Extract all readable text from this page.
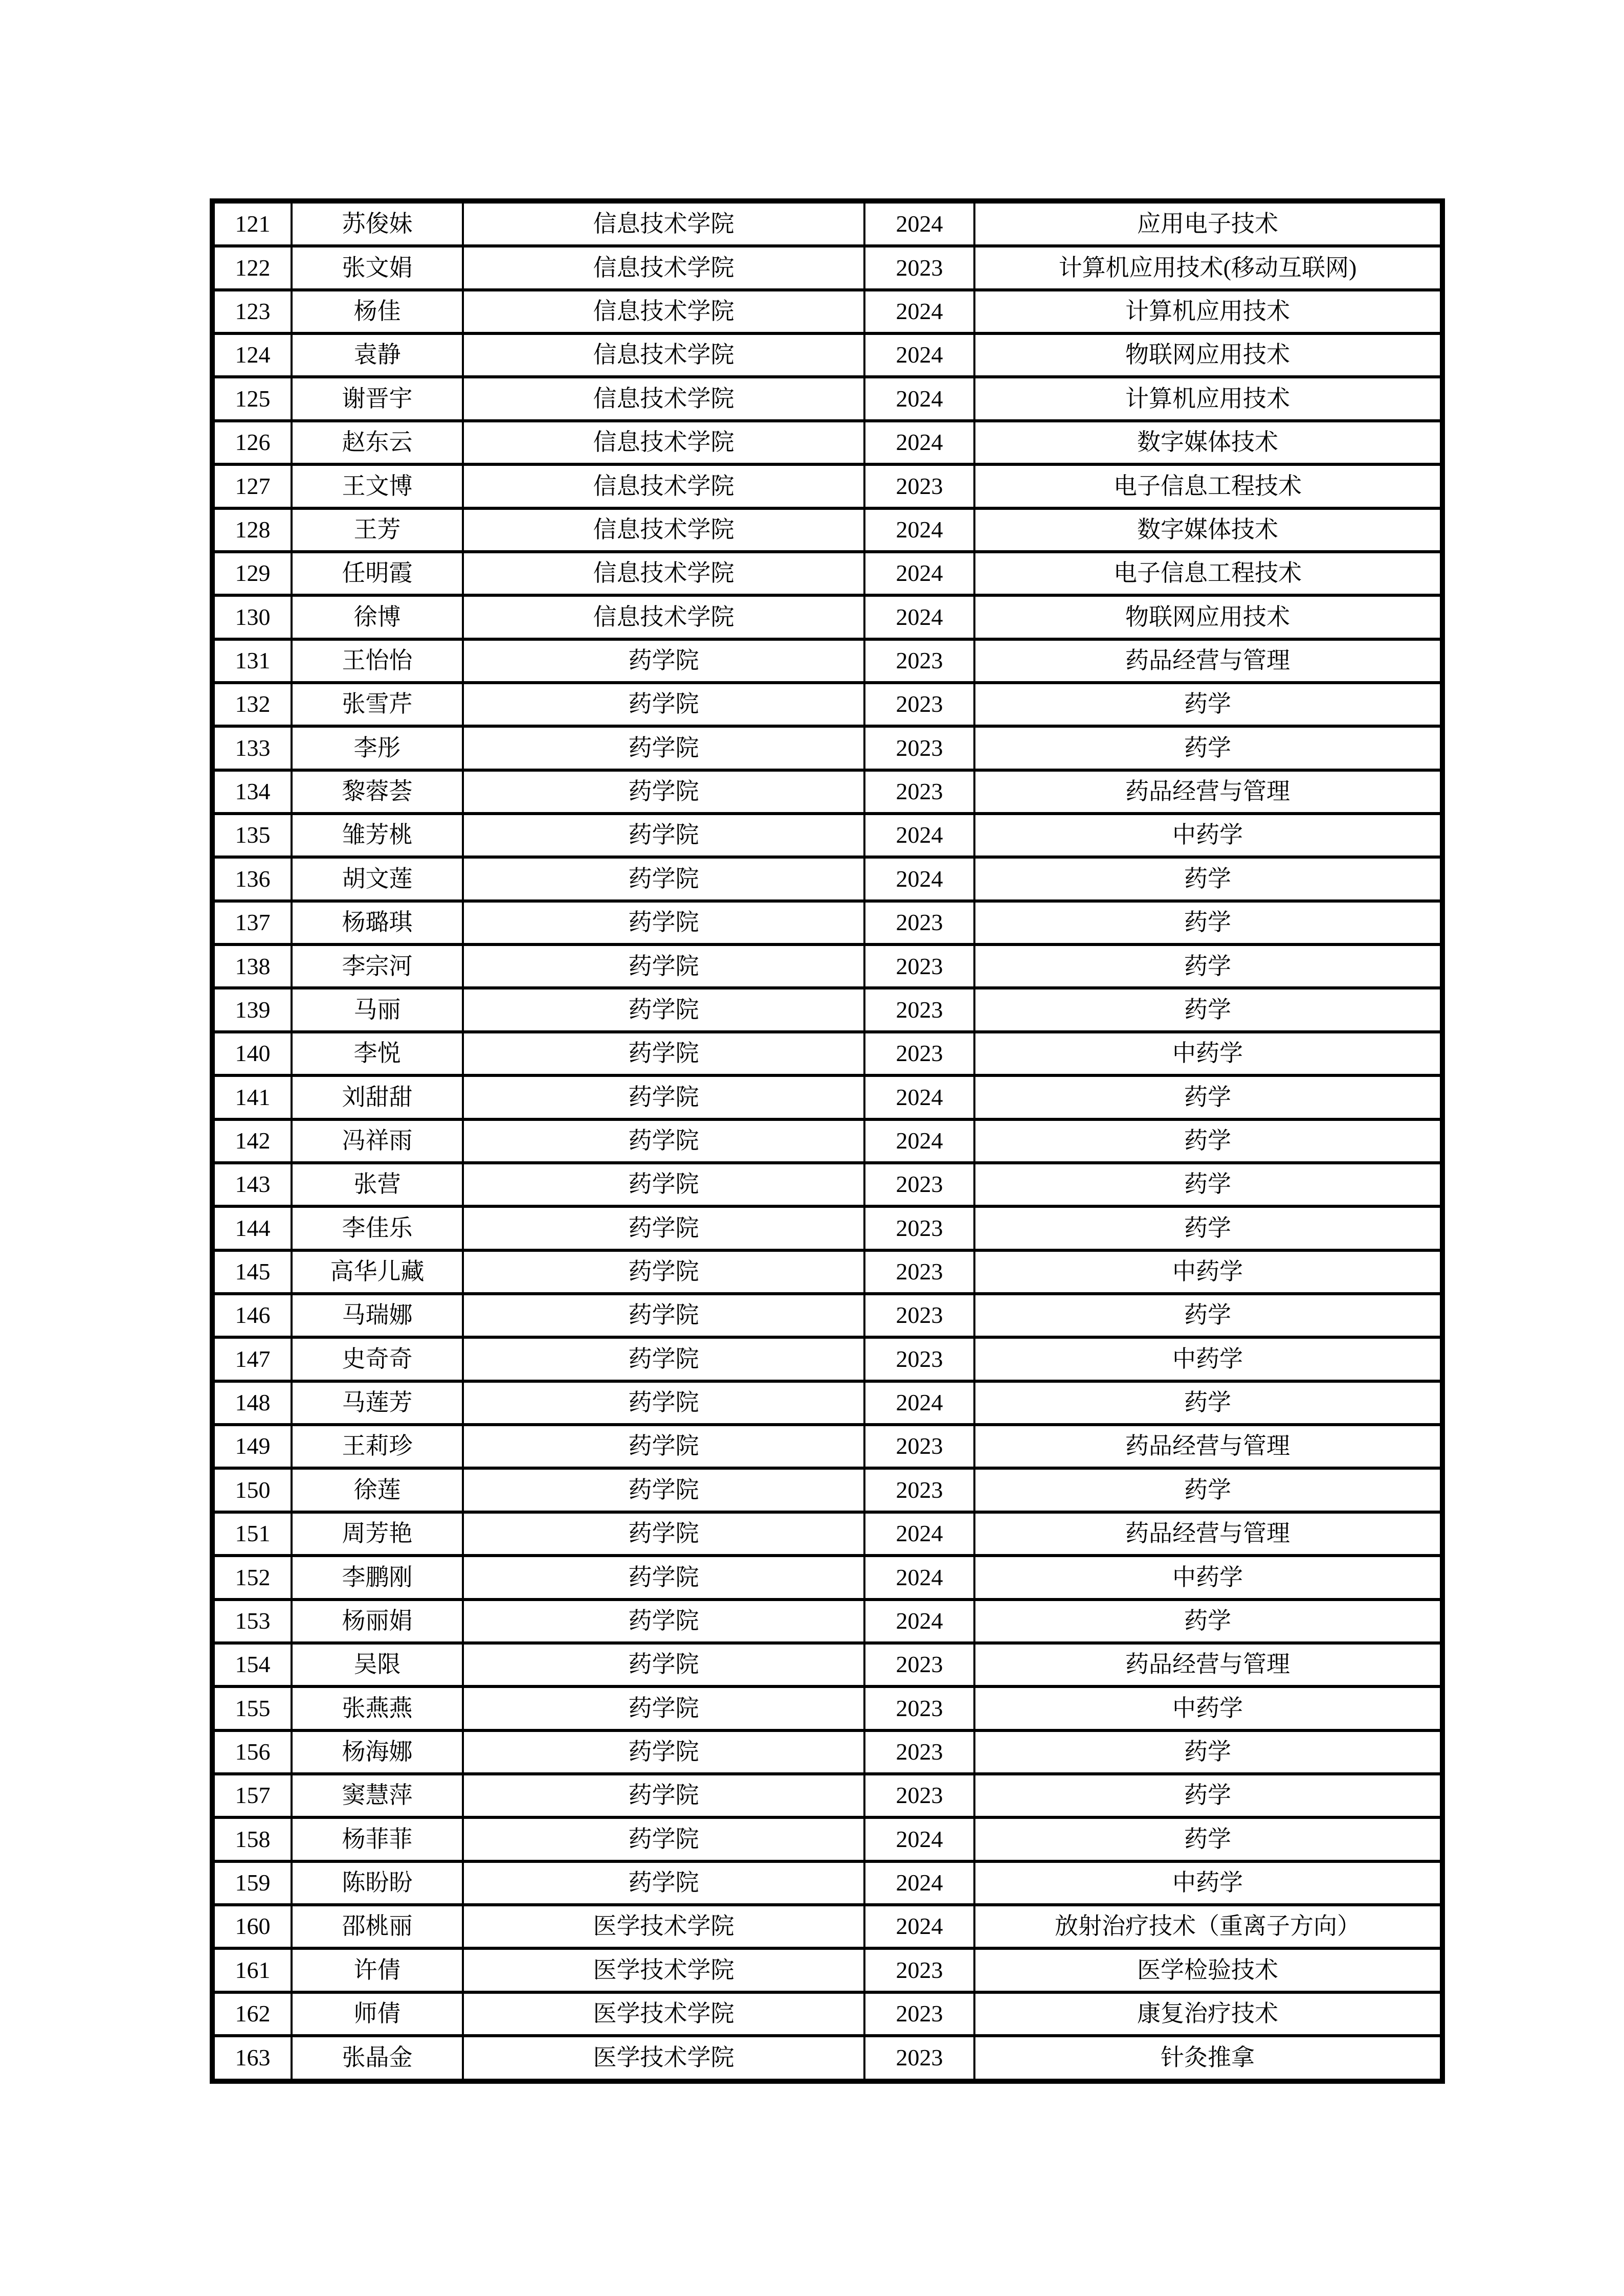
121	苏俊妹	信息技术学院	2024	应用电子技术
122	张文娟	信息技术学院	2023	计算机应用技术(移动互联网)
123	杨佳	信息技术学院	2024	计算机应用技术
124	袁静	信息技术学院	2024	物联网应用技术
125	谢晋宇	信息技术学院	2024	计算机应用技术
126	赵东云	信息技术学院	2024	数字媒体技术
127	王文博	信息技术学院	2023	电子信息工程技术
128	王芳	信息技术学院	2024	数字媒体技术
129	任明霞	信息技术学院	2024	电子信息工程技术
130	徐博	信息技术学院	2024	物联网应用技术
131	王怡怡	药学院	2023	药品经营与管理
132	张雪芹	药学院	2023	药学
133	李彤	药学院	2023	药学
134	黎蓉荟	药学院	2023	药品经营与管理
135	雏芳桃	药学院	2024	中药学
136	胡文莲	药学院	2024	药学
137	杨璐琪	药学院	2023	药学
138	李宗河	药学院	2023	药学
139	马丽	药学院	2023	药学
140	李悦	药学院	2023	中药学
141	刘甜甜	药学院	2024	药学
142	冯祥雨	药学院	2024	药学
143	张营	药学院	2023	药学
144	李佳乐	药学院	2023	药学
145	高华儿藏	药学院	2023	中药学
146	马瑞娜	药学院	2023	药学
147	史奇奇	药学院	2023	中药学
148	马莲芳	药学院	2024	药学
149	王莉珍	药学院	2023	药品经营与管理
150	徐莲	药学院	2023	药学
151	周芳艳	药学院	2024	药品经营与管理
152	李鹏刚	药学院	2024	中药学
153	杨丽娟	药学院	2024	药学
154	吴限	药学院	2023	药品经营与管理
155	张燕燕	药学院	2023	中药学
156	杨海娜	药学院	2023	药学
157	窦慧萍	药学院	2023	药学
158	杨菲菲	药学院	2024	药学
159	陈盼盼	药学院	2024	中药学
160	邵桃丽	医学技术学院	2024	放射治疗技术（重离子方向）
161	许倩	医学技术学院	2023	医学检验技术
162	师倩	医学技术学院	2023	康复治疗技术
163	张晶金	医学技术学院	2023	针灸推拿
